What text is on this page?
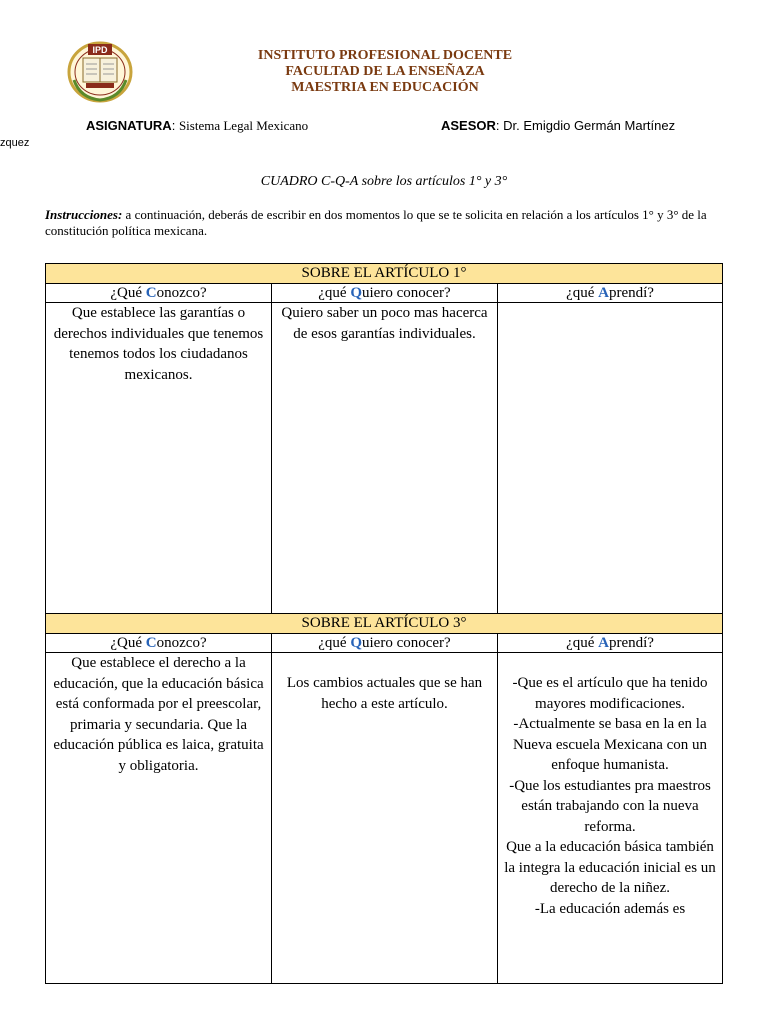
IPD	INSTITUTO PROFESIONAL DOCENTE
FACULTAD DE LA ENSEÑAZA
MAESTRIA EN EDUCACIÓN
ASIGNATURA: Sistema Legal Mexicano	ASESOR: Dr. Emigdio Germán Martínez
zquez
CUADRO C-Q-A sobre los artículos 1° y 3°
Instrucciones: a continuación, deberás de escribir en dos momentos lo que se te solicita en relación a los artículos 1° y 3° de la constitución política mexicana.
SOBRE EL ARTÍCULO 1°		
¿Qué Conozco?	¿qué Quiero conocer?	¿qué Aprendí?
Que establece las garantías o derechos individuales que tenemos tenemos todos los ciudadanos mexicanos.	Quiero saber un poco mas hacerca de esos garantías individuales.	
SOBRE EL ARTÍCULO 3°		
¿Qué Conozco?	¿qué Quiero conocer?	¿qué Aprendí?
Que establece el derecho a la educación, que la educación básica está conformada por el preescolar, primaria y secundaria. Que la educación pública es laica, gratuita y obligatoria.	Los cambios actuales que se han hecho a este artículo.	-Que es el artículo que ha tenido mayores modificaciones.
-Actualmente se basa en la en la Nueva escuela Mexicana con un enfoque humanista.
-Que los estudiantes pra maestros están trabajando con la nueva reforma.
Que a la educación básica también la integra la educación inicial es un derecho de la niñez.
-La educación además es
